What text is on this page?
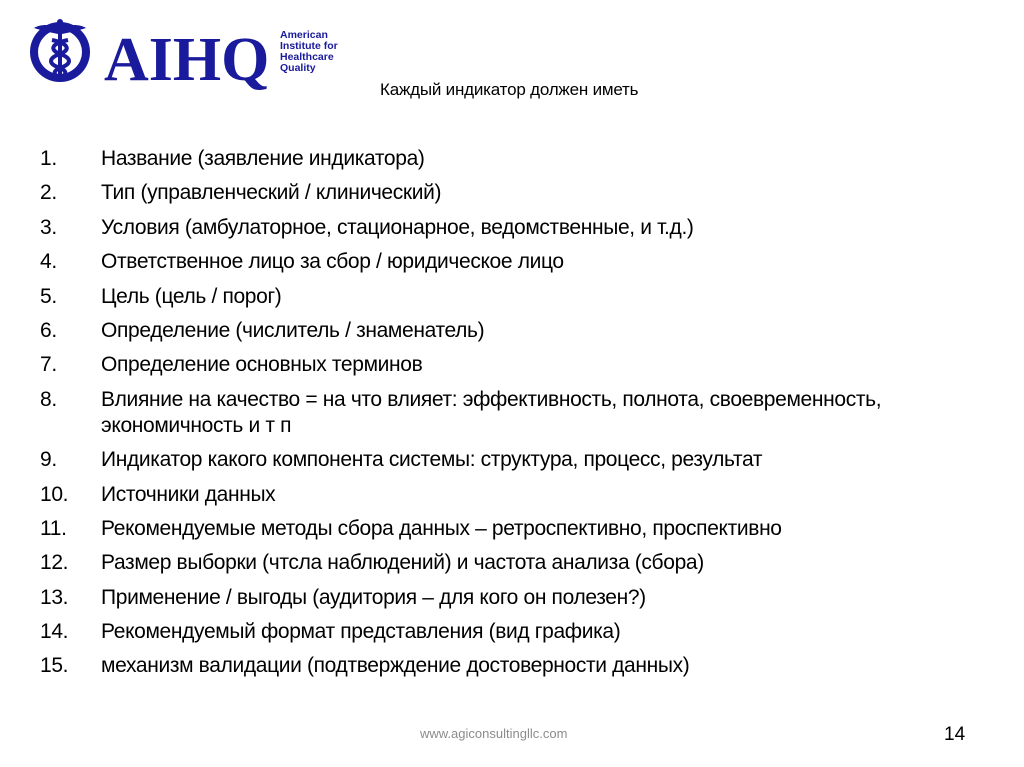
AIHQ American
Institute for
Healthcare
Quality
Каждый индикатор должен иметь
1.	Название (заявление индикатора)
2.	Тип (управленческий / клинический)
3.	Условия (амбулаторное, стационарное, ведомственные, и т.д.)
4.	Ответственное лицо за сбор / юридическое лицо
5.	Цель (цель / порог)
6.	Определение (числитель / знаменатель)
7.	Определение основных терминов
8.	Влияние на качество = на что влияет: эффективность, полнота, своевременность, экономичность и т п
9.	Индикатор какого компонента системы: структура, процесс, результат
10.	Источники данных
11.	Рекомендуемые методы сбора данных – ретроспективно, проспективно
12.	Размер выборки (чтсла наблюдений) и частота анализа (сбора)
13.	Применение / выгоды (аудитория – для кого он полезен?)
14.	Рекомендуемый формат представления (вид графика)
15.	механизм валидации (подтверждение достоверности данных)
www.agiconsultingllc.com	14
